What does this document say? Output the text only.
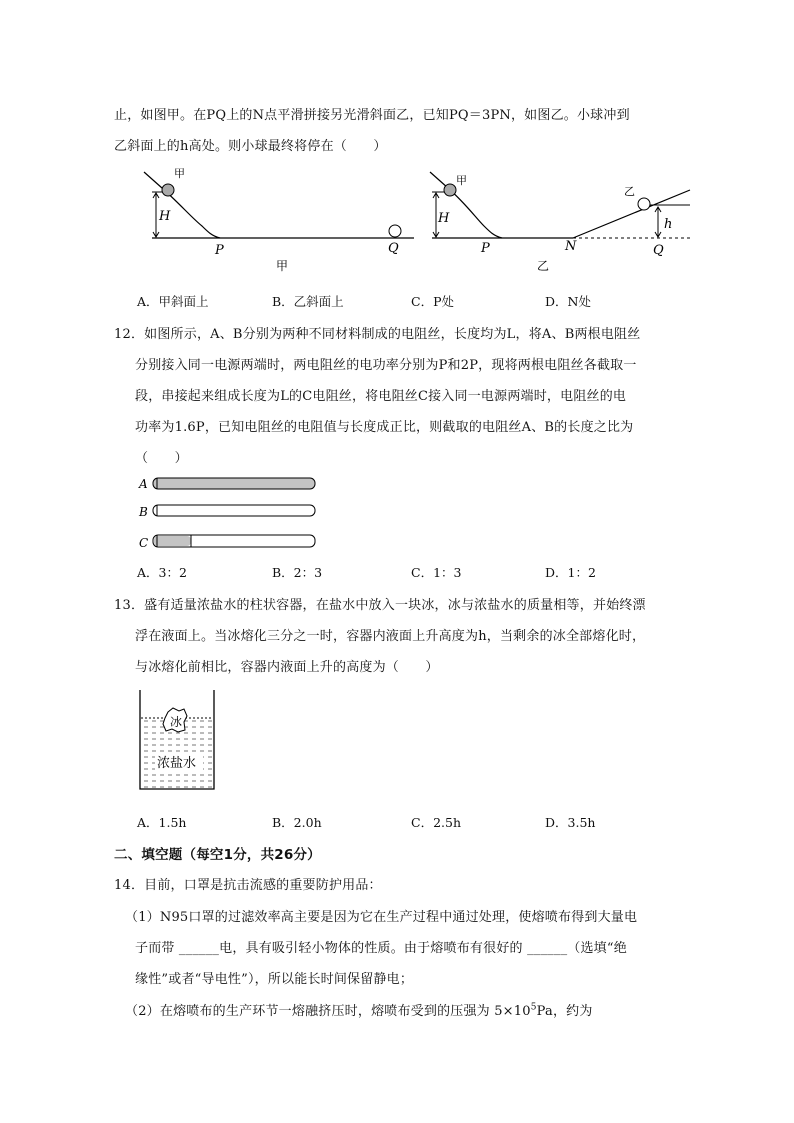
止，如图甲。在PQ上的N点平滑拼接另光滑斜面乙，已知PQ＝3PN，如图乙。小球冲到
乙斜面上的h高处。则小球最终将停在（　　）
甲
H
P	Q
甲
甲
乙
H	h
P	N	Q
乙
A．甲斜面上	B．乙斜面上	C．P处	D．N处
12．如图所示，A、B分别为两种不同材料制成的电阻丝，长度均为L，将A、B两根电阻丝
分别接入同一电源两端时，两电阻丝的电功率分别为P和2P，现将两根电阻丝各截取一
段，串接起来组成长度为L的C电阻丝，将电阻丝C接入同一电源两端时，电阻丝的电
功率为1.6P，已知电阻丝的电阻值与长度成正比，则截取的电阻丝A、B的长度之比为
（　　）
A
B
C
A．3：2	B．2：3	C．1：3	D．1：2
13．盛有适量浓盐水的柱状容器，在盐水中放入一块冰，冰与浓盐水的质量相等，并始终漂
浮在液面上。当冰熔化三分之一时，容器内液面上升高度为h，当剩余的冰全部熔化时，
与冰熔化前相比，容器内液面上升的高度为（　　）
冰
浓盐水
A．1.5h	B．2.0h	C．2.5h	D．3.5h
二、填空题（每空1分，共26分）
14．目前，口罩是抗击流感的重要防护用品：
（1）N95口罩的过滤效率高主要是因为它在生产过程中通过处理，使熔喷布得到大量电
子而带 ______电，具有吸引轻小物体的性质。由于熔喷布有很好的 ______（选填“绝
缘性”或者“导电性”），所以能长时间保留静电；
（2）在熔喷布的生产环节一熔融挤压时，熔喷布受到的压强为 $5\times 10^5Pa$，约为
